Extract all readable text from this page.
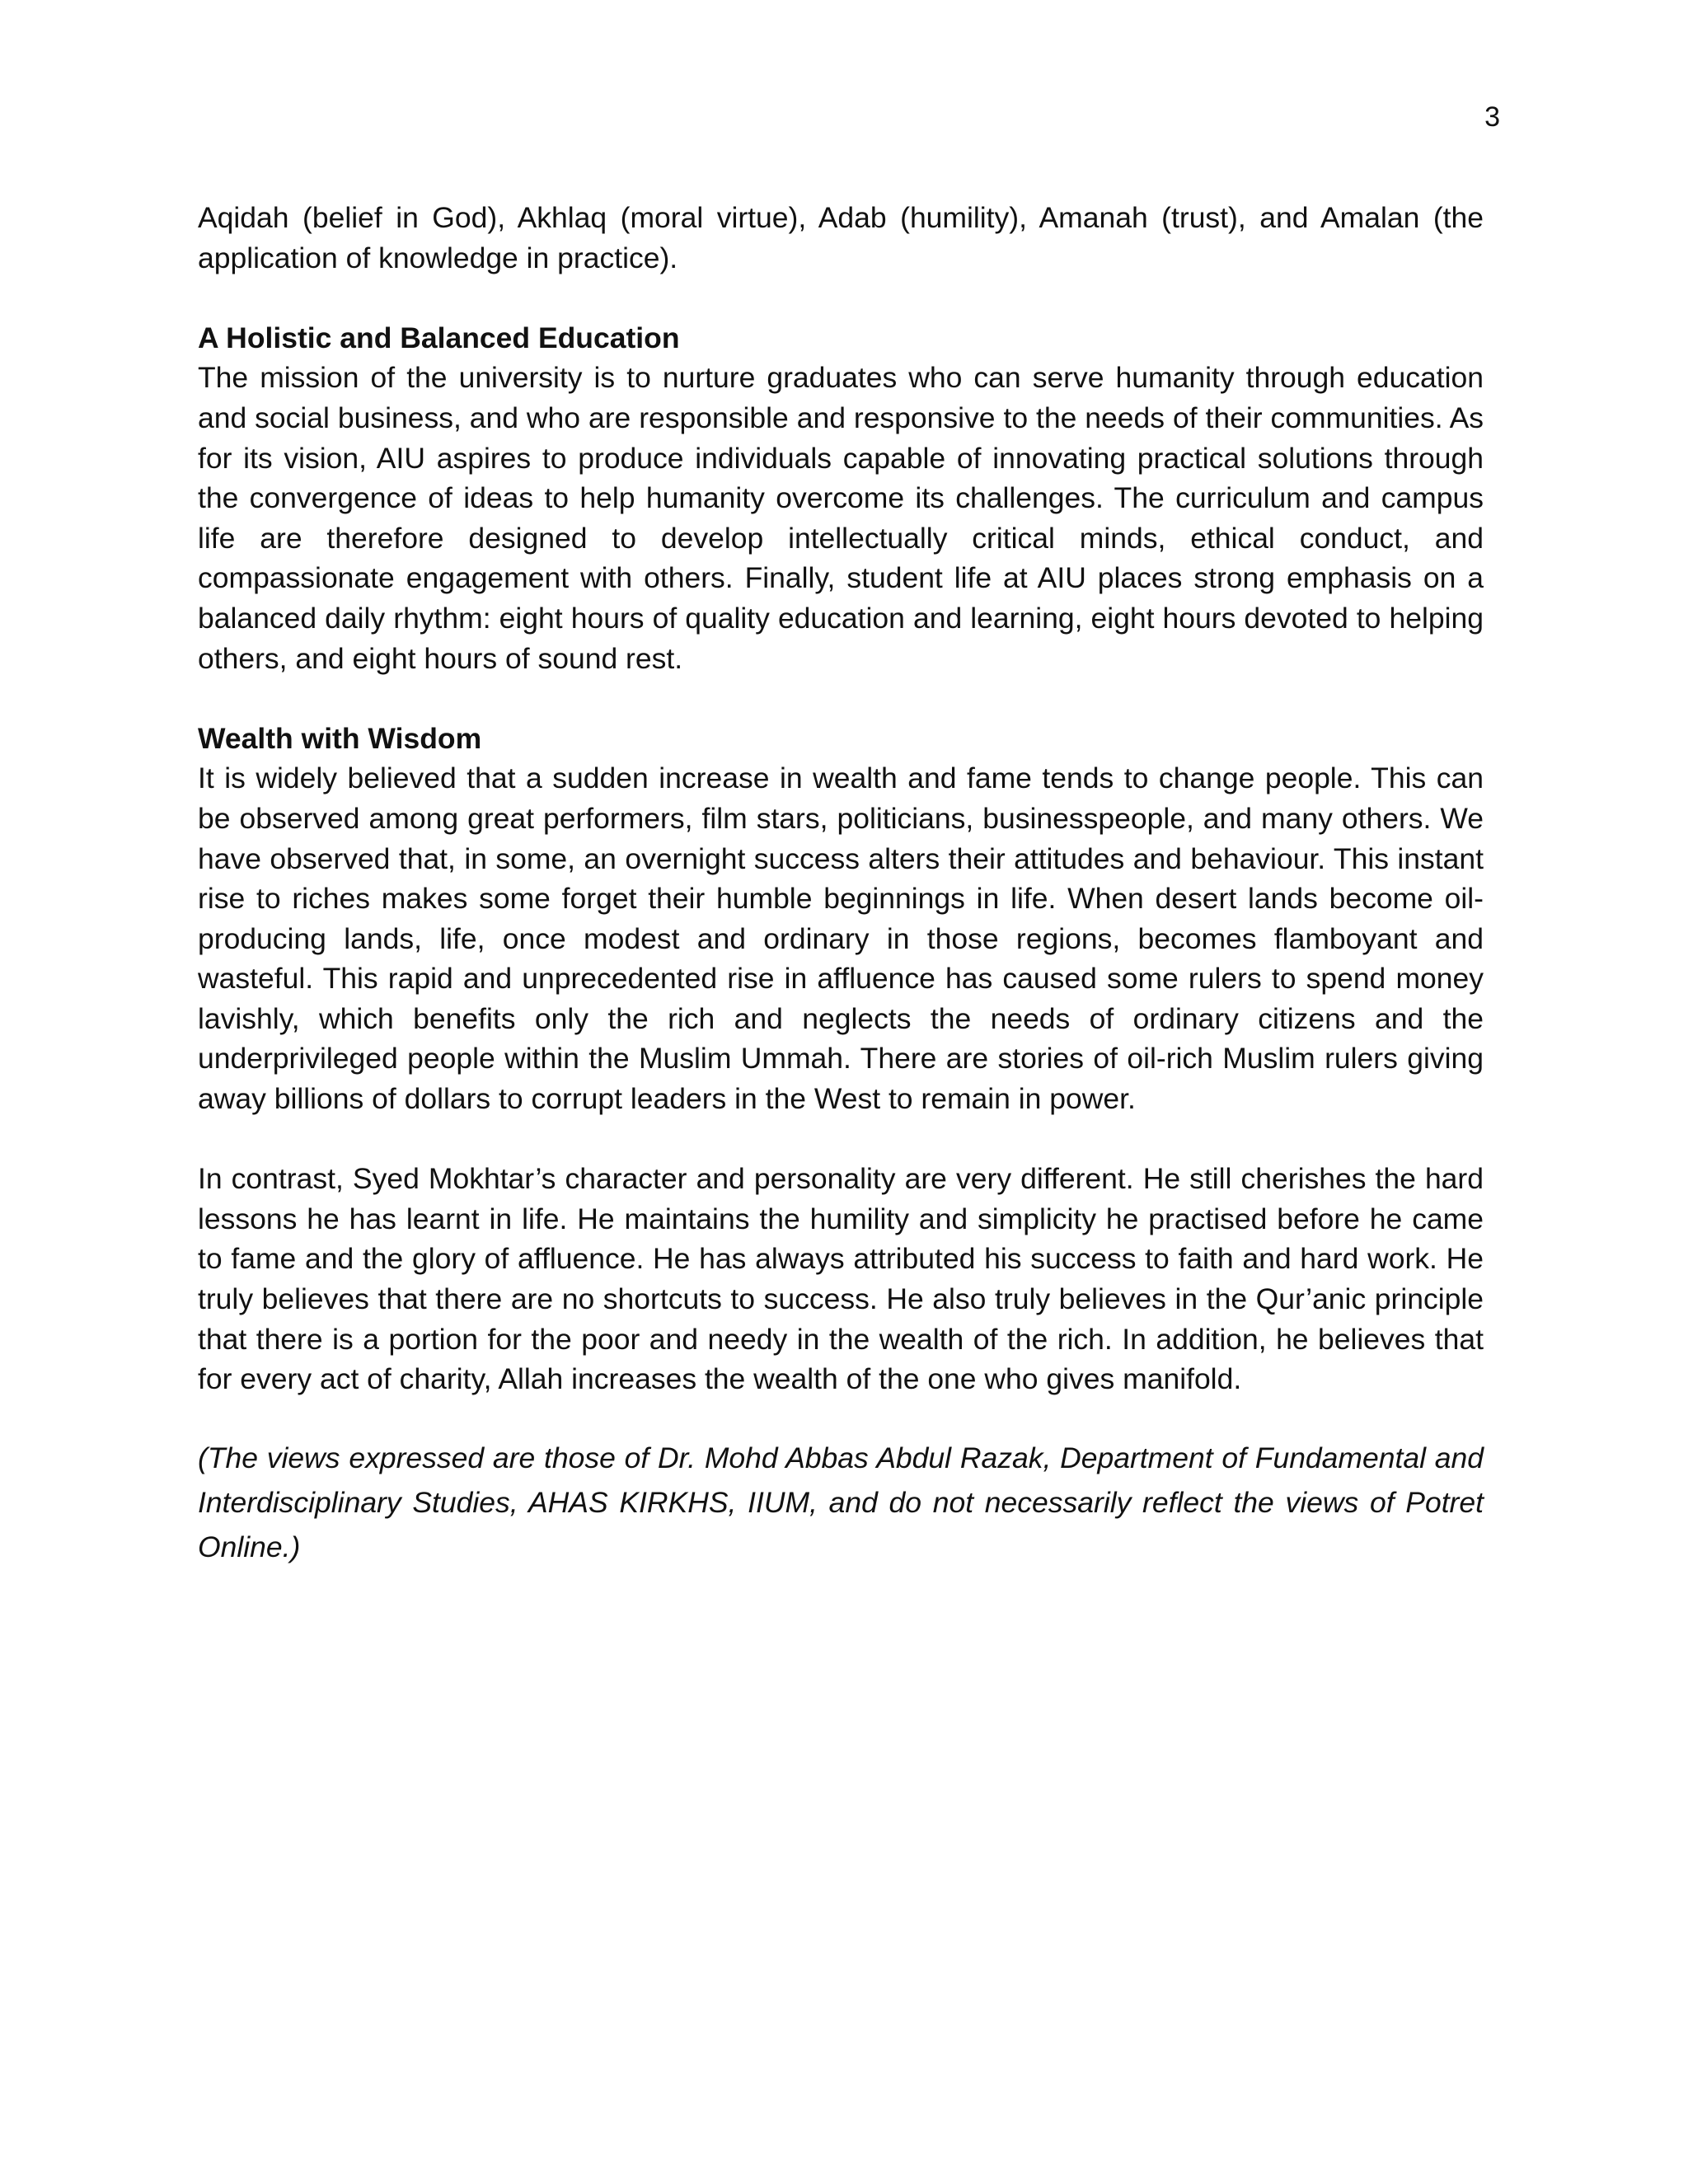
3

Aqidah (belief in God), Akhlaq (moral virtue), Adab (humility), Amanah (trust), and Amalan (the application of knowledge in practice).

A Holistic and Balanced Education

The mission of the university is to nurture graduates who can serve humanity through education and social business, and who are responsible and responsive to the needs of their communities. As for its vision, AIU aspires to produce individuals capable of innovating practical solutions through the convergence of ideas to help humanity overcome its challenges. The curriculum and campus life are therefore designed to develop intellectually critical minds, ethical conduct, and compassionate engagement with others. Finally, student life at AIU places strong emphasis on a balanced daily rhythm: eight hours of quality education and learning, eight hours devoted to helping others, and eight hours of sound rest.

Wealth with Wisdom

It is widely believed that a sudden increase in wealth and fame tends to change people. This can be observed among great performers, film stars, politicians, businesspeople, and many others. We have observed that, in some, an overnight success alters their attitudes and behaviour. This instant rise to riches makes some forget their humble beginnings in life. When desert lands become oil-producing lands, life, once modest and ordinary in those regions, becomes flamboyant and wasteful. This rapid and unprecedented rise in affluence has caused some rulers to spend money lavishly, which benefits only the rich and neglects the needs of ordinary citizens and the underprivileged people within the Muslim Ummah. There are stories of oil-rich Muslim rulers giving away billions of dollars to corrupt leaders in the West to remain in power.

In contrast, Syed Mokhtar’s character and personality are very different. He still cherishes the hard lessons he has learnt in life. He maintains the humility and simplicity he practised before he came to fame and the glory of affluence. He has always attributed his success to faith and hard work. He truly believes that there are no shortcuts to success. He also truly believes in the Qur’anic principle that there is a portion for the poor and needy in the wealth of the rich. In addition, he believes that for every act of charity, Allah increases the wealth of the one who gives manifold.

(The views expressed are those of Dr. Mohd Abbas Abdul Razak, Department of Fundamental and Interdisciplinary Studies, AHAS KIRKHS, IIUM, and do not necessarily reflect the views of Potret Online.)
